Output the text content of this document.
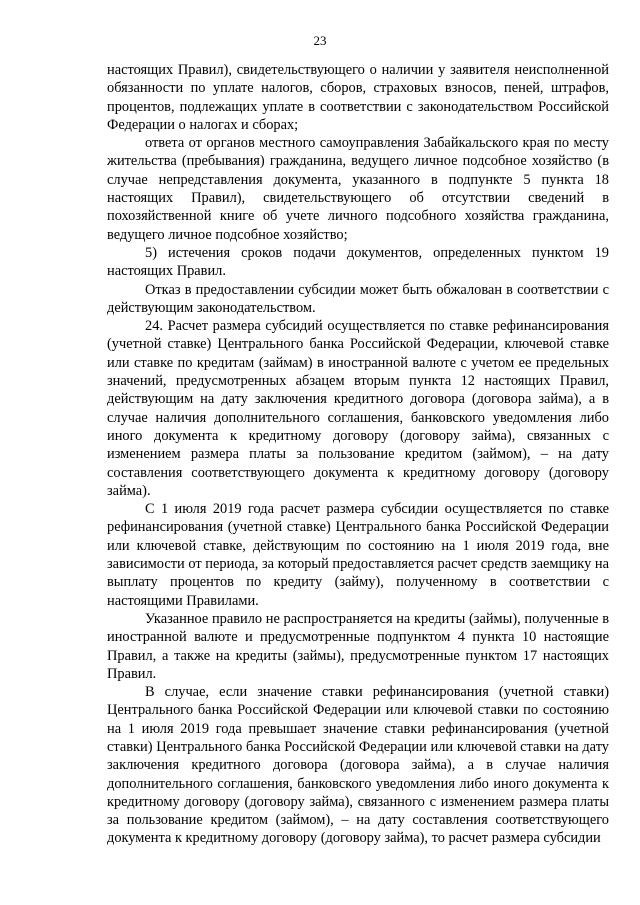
23

настоящих Правил), свидетельствующего о наличии у заявителя неисполненной обязанности по уплате налогов, сборов, страховых взносов, пеней, штрафов, процентов, подлежащих уплате в соответствии с законодательством Российской Федерации о налогах и сборах;

ответа от органов местного самоуправления Забайкальского края по месту жительства (пребывания) гражданина, ведущего личное подсобное хозяйство (в случае непредставления документа, указанного в подпункте 5 пункта 18 настоящих Правил), свидетельствующего об отсутствии сведений в похозяйственной книге об учете личного подсобного хозяйства гражданина, ведущего личное подсобное хозяйство;

5) истечения сроков подачи документов, определенных пунктом 19 настоящих Правил.

Отказ в предоставлении субсидии может быть обжалован в соответствии с действующим законодательством.

24. Расчет размера субсидий осуществляется по ставке рефинансирования (учетной ставке) Центрального банка Российской Федерации, ключевой ставке или ставке по кредитам (займам) в иностранной валюте с учетом ее предельных значений, предусмотренных абзацем вторым пункта 12 настоящих Правил, действующим на дату заключения кредитного договора (договора займа), а в случае наличия дополнительного соглашения, банковского уведомления либо иного документа к кредитному договору (договору займа), связанных с изменением размера платы за пользование кредитом (займом), – на дату составления соответствующего документа к кредитному договору (договору займа).

С 1 июля 2019 года расчет размера субсидии осуществляется по ставке рефинансирования (учетной ставке) Центрального банка Российской Федерации или ключевой ставке, действующим по состоянию на 1 июля 2019 года, вне зависимости от периода, за который предоставляется расчет средств заемщику на выплату процентов по кредиту (займу), полученному в соответствии с настоящими Правилами.

Указанное правило не распространяется на кредиты (займы), полученные в иностранной валюте и предусмотренные подпунктом 4 пункта 10 настоящие Правил, а также на кредиты (займы), предусмотренные пунктом 17 настоящих Правил.

В случае, если значение ставки рефинансирования (учетной ставки) Центрального банка Российской Федерации или ключевой ставки по состоянию на 1 июля 2019 года превышает значение ставки рефинансирования (учетной ставки) Центрального банка Российской Федерации или ключевой ставки на дату заключения кредитного договора (договора займа), а в случае наличия дополнительного соглашения, банковского уведомления либо иного документа к кредитному договору (договору займа), связанного с изменением размера платы за пользование кредитом (займом), – на дату составления соответствующего документа к кредитному договору (договору займа), то расчет размера субсидии
